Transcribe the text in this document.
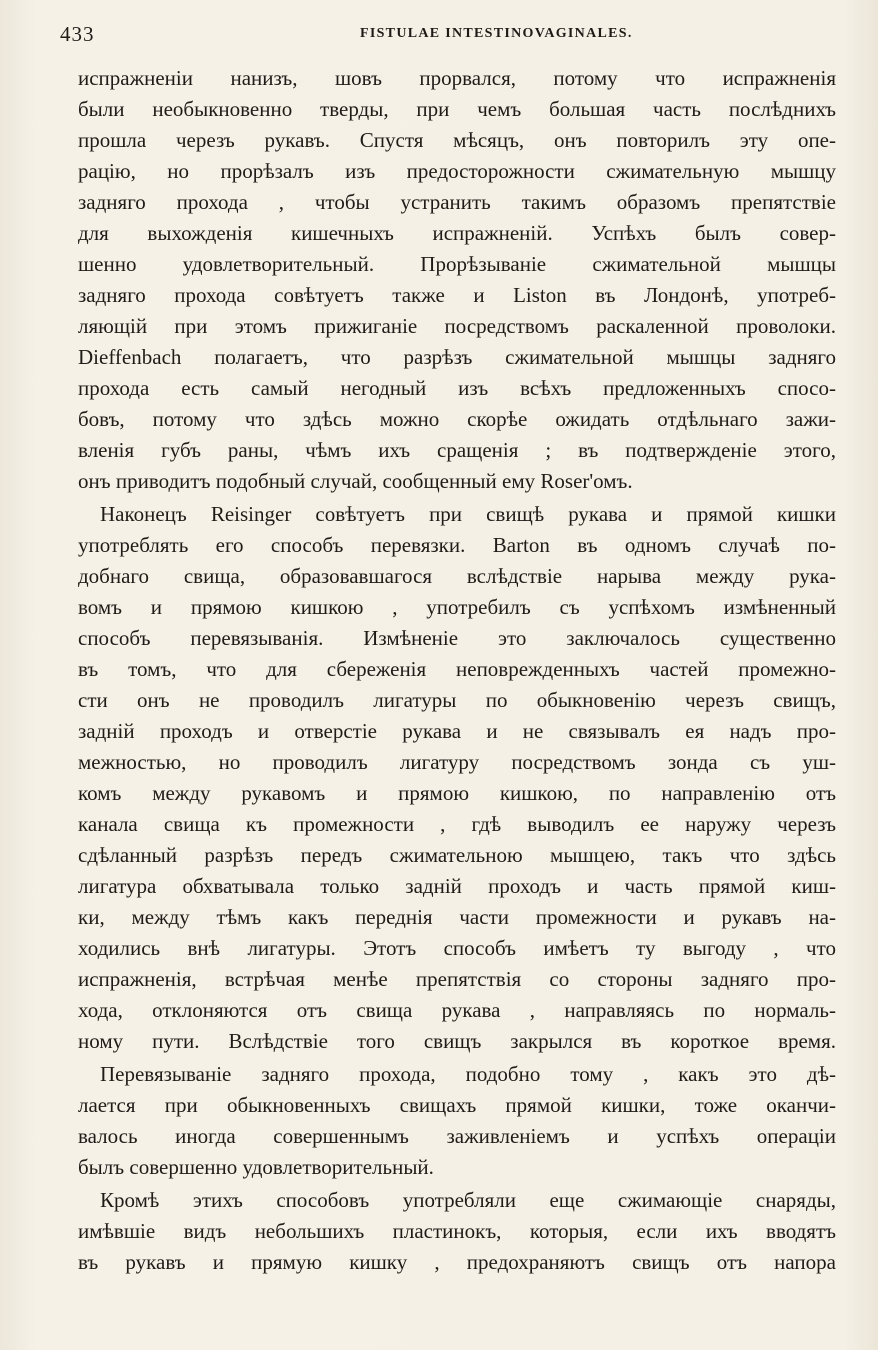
433	FISTULAE INTESTINOVAGINALES.
испражненіи нанизъ, шовъ прорвался, потому что испражненія
были необыкновенно тверды, при чемъ большая часть послѣднихъ
прошла черезъ рукавъ. Спустя мѣсяцъ, онъ повторилъ эту опе-
рацію, но прорѣзалъ изъ предосторожности сжимательную мышцу
задняго прохода , чтобы устранить такимъ образомъ препятствіе
для выхожденія кишечныхъ испражненій. Успѣхъ былъ совер-
шенно удовлетворительный. Прорѣзываніе сжимательной мышцы
задняго прохода совѣтуетъ также и Liston въ Лондонѣ, употреб-
ляющій при этомъ прижиганіе посредствомъ раскаленной проволоки.
Dieffenbach полагаетъ, что разрѣзъ сжимательной мышцы задняго
прохода есть самый негодный изъ всѣхъ предложенныхъ спосо-
бовъ, потому что здѣсь можно скорѣе ожидать отдѣльнаго зажи-
вленія губъ раны, чѣмъ ихъ сращенія ; въ подтвержденіе этого,
онъ приводитъ подобный случай, сообщенный ему Roser'омъ.
Наконецъ Reisinger совѣтуетъ при свищѣ рукава и прямой кишки
употреблять его способъ перевязки. Barton въ одномъ случаѣ по-
добнаго свища, образовавшагося вслѣдствіе нарыва между рука-
вомъ и прямою кишкою , употребилъ съ успѣхомъ измѣненный
способъ перевязыванія. Измѣненіе это заключалось существенно
въ томъ, что для сбереженія неповрежденныхъ частей промежно-
сти онъ не проводилъ лигатуры по обыкновенію черезъ свищъ,
задній проходъ и отверстіе рукава и не связывалъ ея надъ про-
межностью, но проводилъ лигатуру посредствомъ зонда съ уш-
комъ между рукавомъ и прямою кишкою, по направленію отъ
канала свища къ промежности , гдѣ выводилъ ее наружу черезъ
сдѣланный разрѣзъ передъ сжимательною мышцею, такъ что здѣсь
лигатура обхватывала только задній проходъ и часть прямой киш-
ки, между тѣмъ какъ переднія части промежности и рукавъ на-
ходились внѣ лигатуры. Этотъ способъ имѣетъ ту выгоду , что
испражненія, встрѣчая менѣе препятствія со стороны задняго про-
хода, отклоняются отъ свища рукава , направляясь по нормаль-
ному пути. Вслѣдствіе того свищъ закрылся въ короткое время.
Перевязываніе задняго прохода, подобно тому , какъ это дѣ-
лается при обыкновенныхъ свищахъ прямой кишки, тоже оканчи-
валось иногда совершеннымъ заживленіемъ и успѣхъ операціи
былъ совершенно удовлетворительный.
Кромѣ этихъ способовъ употребляли еще сжимающіе снаряды,
имѣвшіе видъ небольшихъ пластинокъ, которыя, если ихъ вводятъ
въ рукавъ и прямую кишку , предохраняютъ свищъ отъ напора
